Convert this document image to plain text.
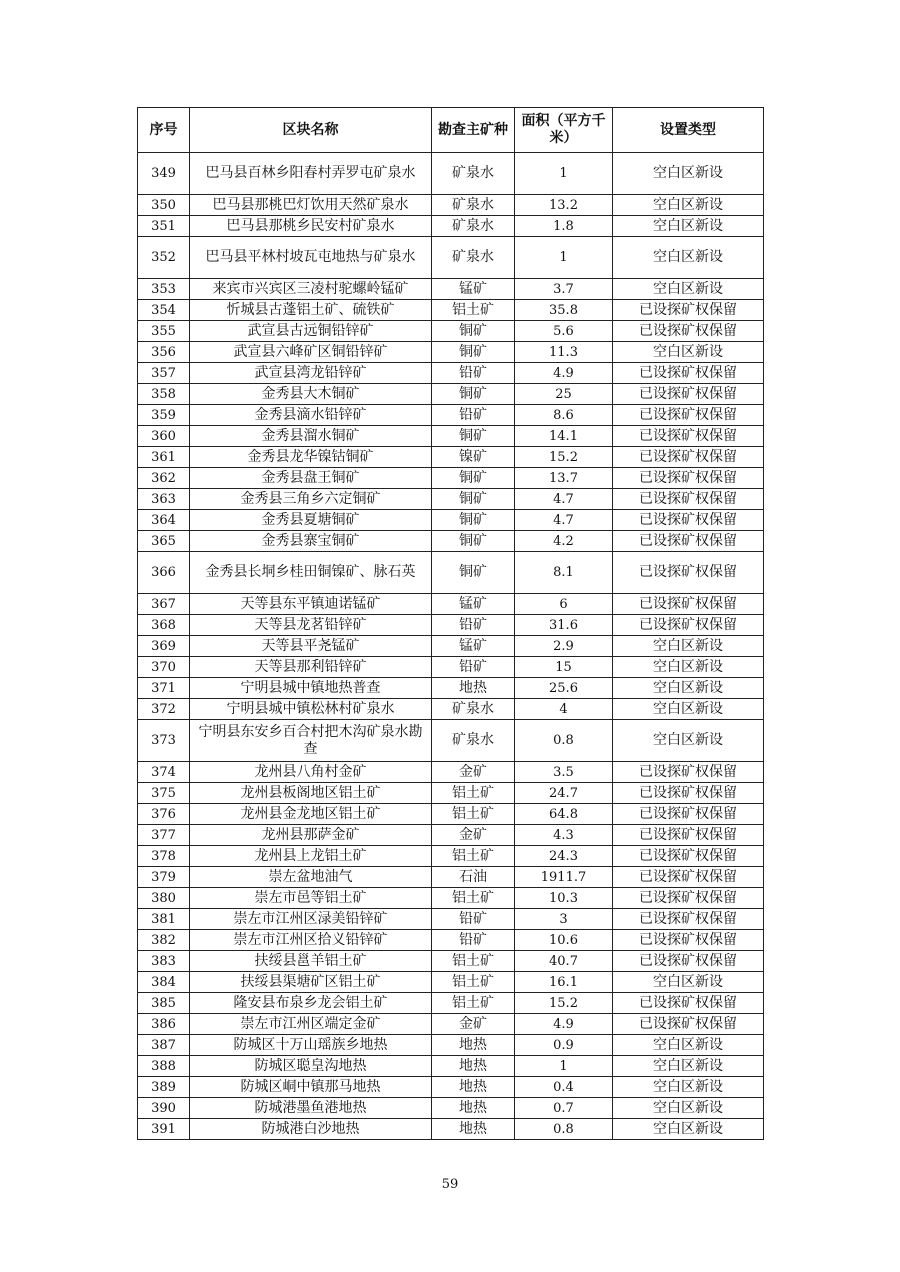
序号	区块名称	勘查主矿种	面积（平方千米）	设置类型
349	巴马县百林乡阳春村弄罗屯矿泉水	矿泉水	1	空白区新设
350	巴马县那桃巴灯饮用天然矿泉水	矿泉水	13.2	空白区新设
351	巴马县那桃乡民安村矿泉水	矿泉水	1.8	空白区新设
352	巴马县平林村坡瓦屯地热与矿泉水	矿泉水	1	空白区新设
353	来宾市兴宾区三凌村驼螺岭锰矿	锰矿	3.7	空白区新设
354	忻城县古蓬铝土矿、硫铁矿	铝土矿	35.8	已设探矿权保留
355	武宣县古远铜铅锌矿	铜矿	5.6	已设探矿权保留
356	武宣县六峰矿区铜铅锌矿	铜矿	11.3	空白区新设
357	武宣县湾龙铅锌矿	铅矿	4.9	已设探矿权保留
358	金秀县大木铜矿	铜矿	25	已设探矿权保留
359	金秀县滴水铅锌矿	铅矿	8.6	已设探矿权保留
360	金秀县溜水铜矿	铜矿	14.1	已设探矿权保留
361	金秀县龙华镍钴铜矿	镍矿	15.2	已设探矿权保留
362	金秀县盘王铜矿	铜矿	13.7	已设探矿权保留
363	金秀县三角乡六定铜矿	铜矿	4.7	已设探矿权保留
364	金秀县夏塘铜矿	铜矿	4.7	已设探矿权保留
365	金秀县寨宝铜矿	铜矿	4.2	已设探矿权保留
366	金秀县长垌乡桂田铜镍矿、脉石英	铜矿	8.1	已设探矿权保留
367	天等县东平镇迪诺锰矿	锰矿	6	已设探矿权保留
368	天等县龙茗铅锌矿	铅矿	31.6	已设探矿权保留
369	天等县平尧锰矿	锰矿	2.9	空白区新设
370	天等县那利铅锌矿	铅矿	15	空白区新设
371	宁明县城中镇地热普查	地热	25.6	空白区新设
372	宁明县城中镇松林村矿泉水	矿泉水	4	空白区新设
373	宁明县东安乡百合村把木沟矿泉水勘查	矿泉水	0.8	空白区新设
374	龙州县八角村金矿	金矿	3.5	已设探矿权保留
375	龙州县板阁地区铝土矿	铝土矿	24.7	已设探矿权保留
376	龙州县金龙地区铝土矿	铝土矿	64.8	已设探矿权保留
377	龙州县那萨金矿	金矿	4.3	已设探矿权保留
378	龙州县上龙铝土矿	铝土矿	24.3	已设探矿权保留
379	崇左盆地油气	石油	1911.7	已设探矿权保留
380	崇左市邑等铝土矿	铝土矿	10.3	已设探矿权保留
381	崇左市江州区渌美铅锌矿	铅矿	3	已设探矿权保留
382	崇左市江州区拾义铅锌矿	铅矿	10.6	已设探矿权保留
383	扶绥县邕羊铝土矿	铝土矿	40.7	已设探矿权保留
384	扶绥县渠塘矿区铝土矿	铝土矿	16.1	空白区新设
385	隆安县布泉乡龙会铝土矿	铝土矿	15.2	已设探矿权保留
386	崇左市江州区端定金矿	金矿	4.9	已设探矿权保留
387	防城区十万山瑶族乡地热	地热	0.9	空白区新设
388	防城区聪皇沟地热	地热	1	空白区新设
389	防城区峒中镇那马地热	地热	0.4	空白区新设
390	防城港墨鱼港地热	地热	0.7	空白区新设
391	防城港白沙地热	地热	0.8	空白区新设
59
